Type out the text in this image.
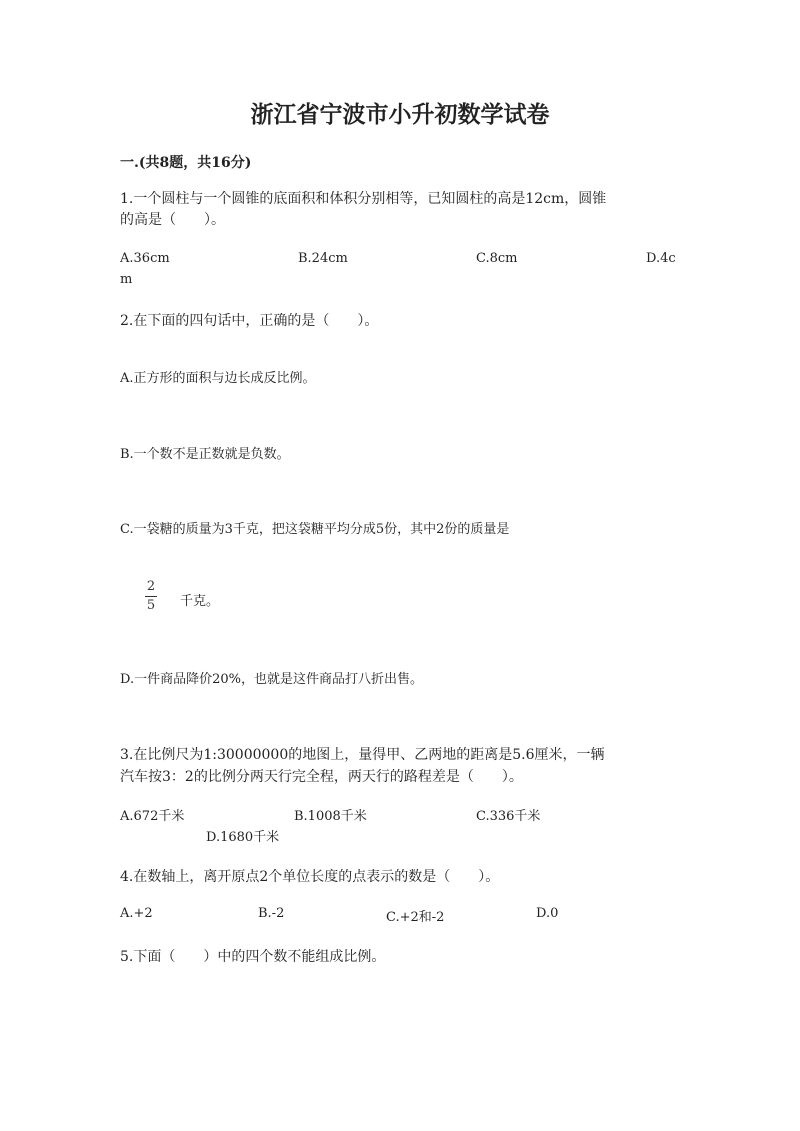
浙江省宁波市小升初数学试卷
一.(共8题，共16分)
1.一个圆柱与一个圆锥的底面积和体积分别相等，已知圆柱的高是12cm，圆锥
的高是（　　）。
A.36cm	B.24cm	C.8cm	D.4c
m
2.在下面的四句话中，正确的是（　　）。
A.正方形的面积与边长成反比例。
B.一个数不是正数就是负数。
C.一袋糖的质量为3千克，把这袋糖平均分成5份，其中2份的质量是
2
5 千克。
D.一件商品降价20%，也就是这件商品打八折出售。
3.在比例尺为1:30000000的地图上，量得甲、乙两地的距离是5.6厘米，一辆
汽车按3：2的比例分两天行完全程，两天行的路程差是（　　）。
A.672千米	B.1008千米	C.336千米
D.1680千米
4.在数轴上，离开原点2个单位长度的点表示的数是（　　）。
A.+2	B.-2	C.+2和-2	D.0
5.下面（　　）中的四个数不能组成比例。
